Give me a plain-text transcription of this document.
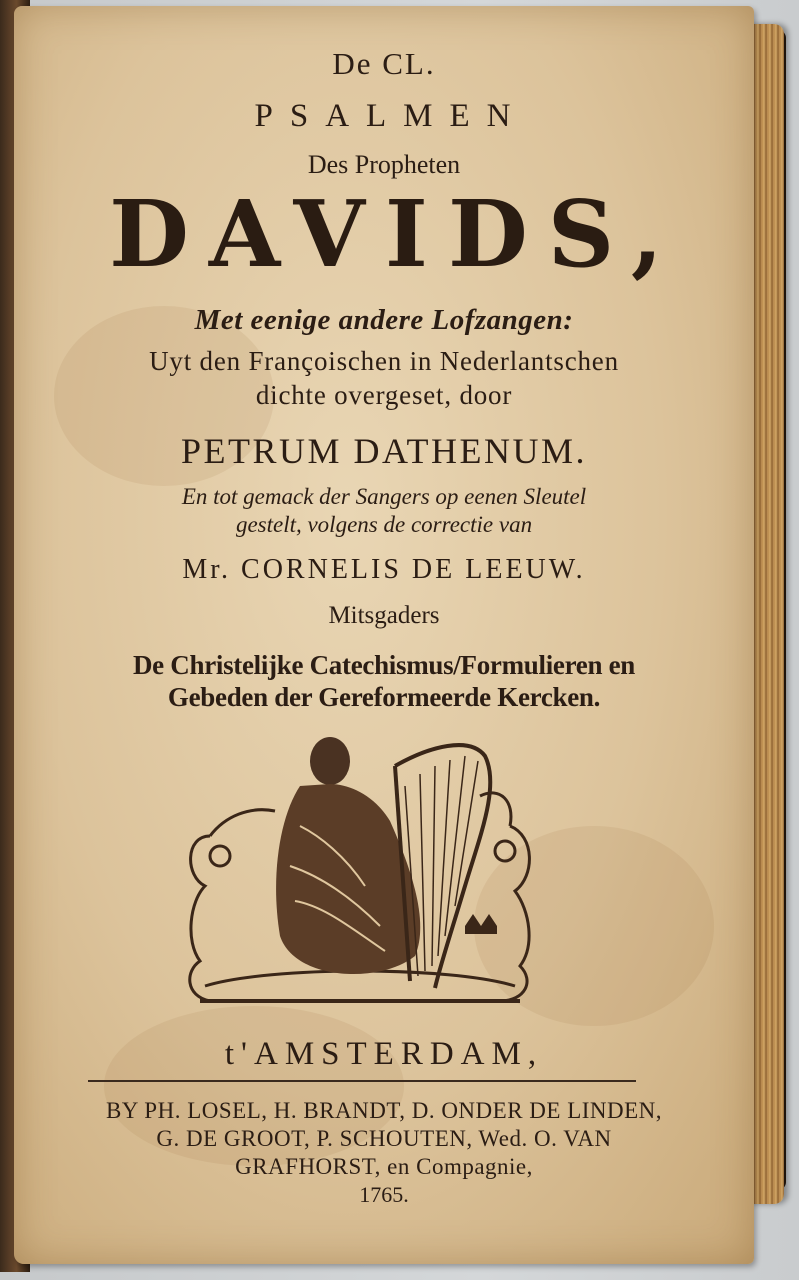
De CL.
PSALMEN
Des Propheten
DAVIDS,
Met eenige andere Lofzangen:
Uyt den Françoischen in Nederlantschen
dichte overgeset, door
PETRUM DATHENUM.
En tot gemack der Sangers op eenen Sleutel
gestelt, volgens de correctie van
Mr. CORNELIS DE LEEUW.
Mitsgaders
De Christelijke Catechismus/Formulieren en
Gebeden der Gereformeerde Kercken.
t'AMSTERDAM,
BY PH. LOSEL, H. BRANDT, D. ONDER DE LINDEN,
G. DE GROOT, P. SCHOUTEN, Wed. O. VAN
GRAFHORST, en Compagnie,
1765.
